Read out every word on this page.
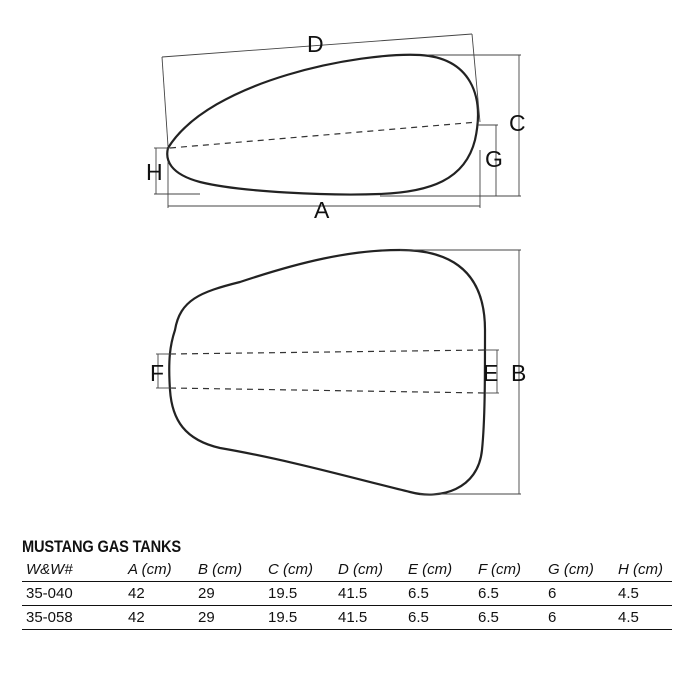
D
A
C
G
H
B
E
F
MUSTANG GAS TANKS
W&W#	A (cm)	B (cm)	C (cm)	D (cm)	E (cm)	F (cm)	G (cm)	H (cm)
35-040	42	29	19.5	41.5	6.5	6.5	6	4.5
35-058	42	29	19.5	41.5	6.5	6.5	6	4.5
